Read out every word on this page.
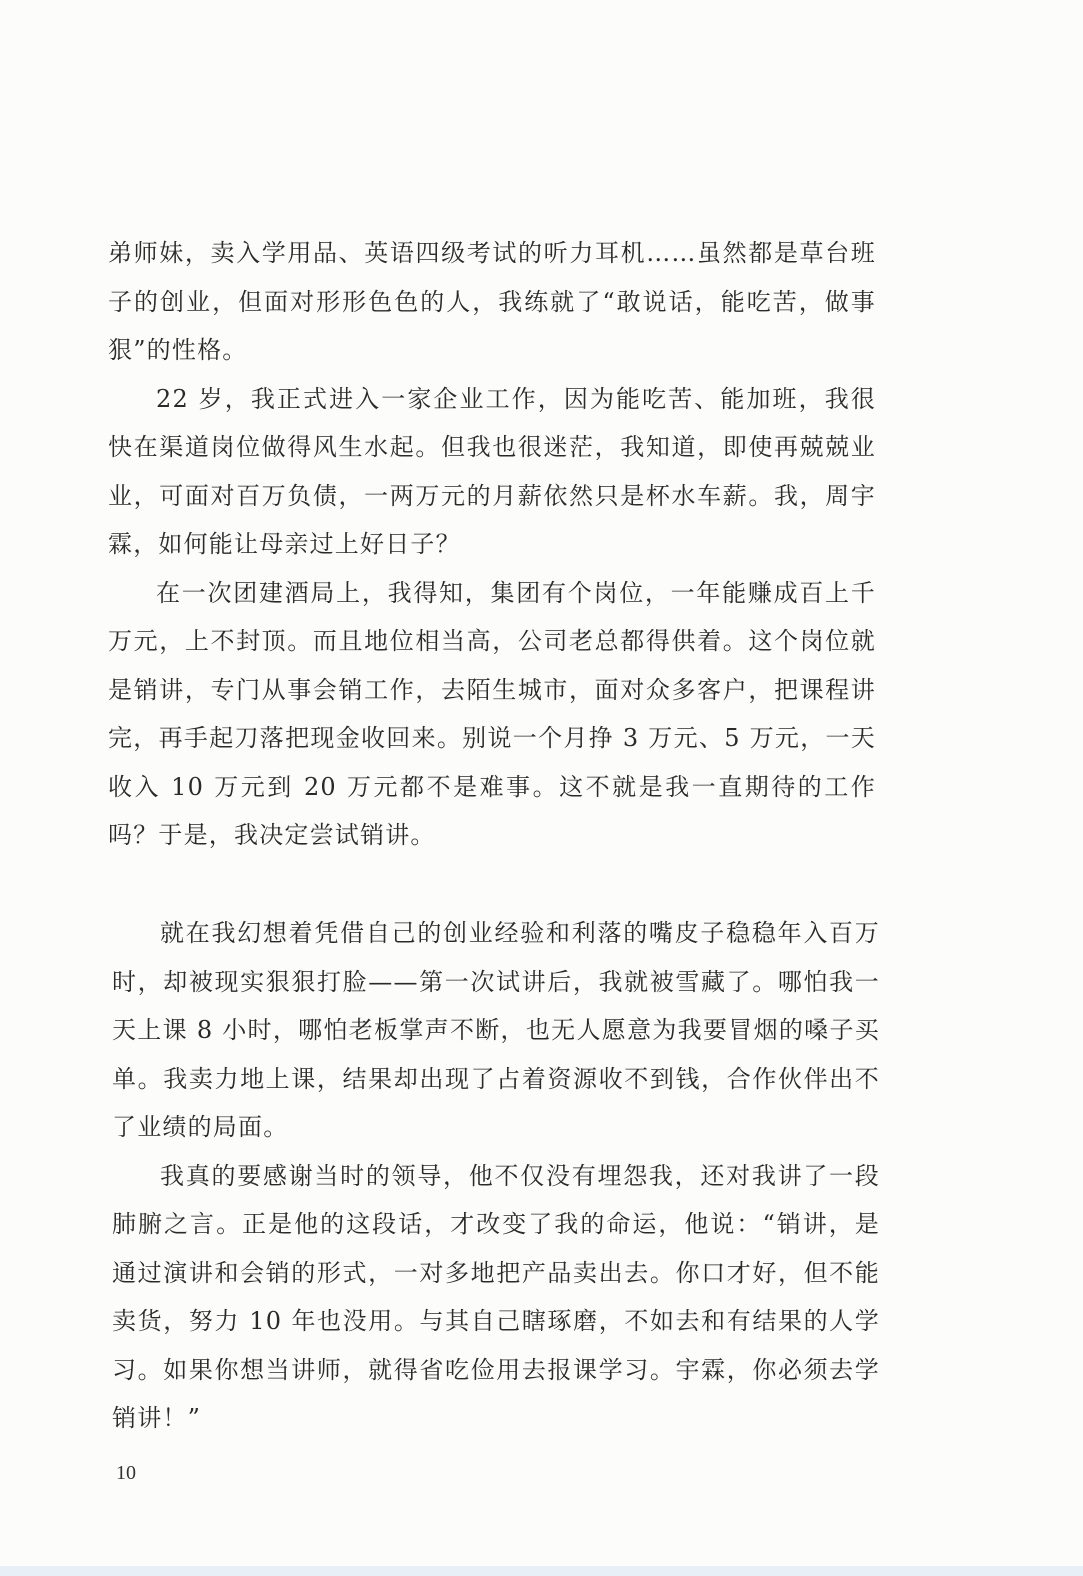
弟师妹，卖入学用品、英语四级考试的听力耳机……虽然都是草台班子的创业，但面对形形色色的人，我练就了“敢说话，能吃苦，做事狠”的性格。

22 岁，我正式进入一家企业工作，因为能吃苦、能加班，我很快在渠道岗位做得风生水起。但我也很迷茫，我知道，即使再兢兢业业，可面对百万负债，一两万元的月薪依然只是杯水车薪。我，周宇霖，如何能让母亲过上好日子？

在一次团建酒局上，我得知，集团有个岗位，一年能赚成百上千万元，上不封顶。而且地位相当高，公司老总都得供着。这个岗位就是销讲，专门从事会销工作，去陌生城市，面对众多客户，把课程讲完，再手起刀落把现金收回来。别说一个月挣 3 万元、5 万元，一天收入 10 万元到 20 万元都不是难事。这不就是我一直期待的工作吗？于是，我决定尝试销讲。

就在我幻想着凭借自己的创业经验和利落的嘴皮子稳稳年入百万时，却被现实狠狠打脸——第一次试讲后，我就被雪藏了。哪怕我一天上课 8 小时，哪怕老板掌声不断，也无人愿意为我要冒烟的嗓子买单。我卖力地上课，结果却出现了占着资源收不到钱，合作伙伴出不了业绩的局面。

我真的要感谢当时的领导，他不仅没有埋怨我，还对我讲了一段肺腑之言。正是他的这段话，才改变了我的命运，他说：“销讲，是通过演讲和会销的形式，一对多地把产品卖出去。你口才好，但不能卖货，努力 10 年也没用。与其自己瞎琢磨，不如去和有结果的人学习。如果你想当讲师，就得省吃俭用去报课学习。宇霖，你必须去学销讲！”

10
